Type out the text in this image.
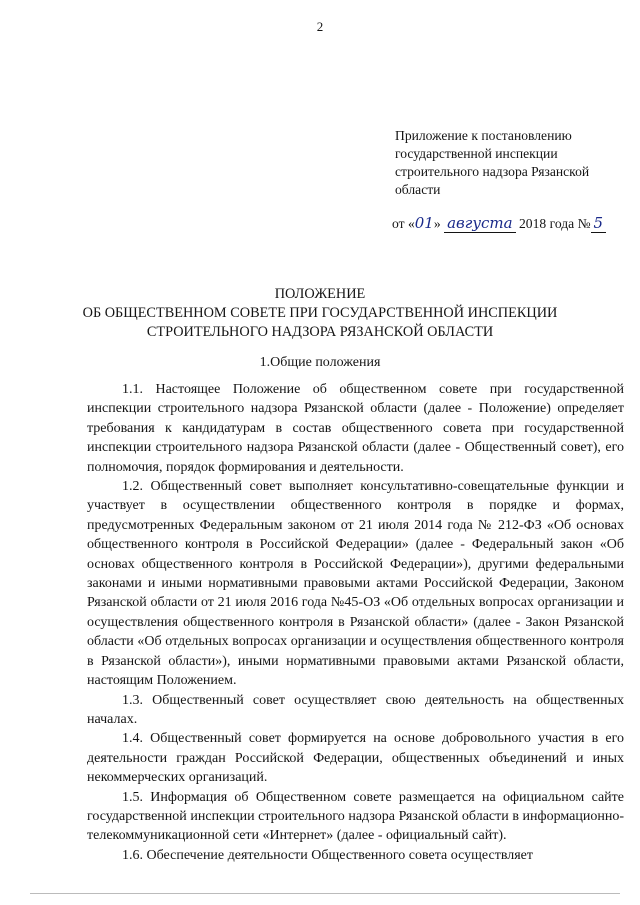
2
Приложение к постановлению
государственной инспекции
строительного надзора Рязанской
области
от «01» августа 2018 года № 5
ПОЛОЖЕНИЕ
ОБ ОБЩЕСТВЕННОМ СОВЕТЕ ПРИ ГОСУДАРСТВЕННОЙ ИНСПЕКЦИИ
СТРОИТЕЛЬНОГО НАДЗОРА РЯЗАНСКОЙ ОБЛАСТИ
1.Общие положения

1.1. Настоящее Положение об общественном совете при государственной инспекции строительного надзора Рязанской области (далее - Положение) определяет требования к кандидатурам в состав общественного совета при государственной инспекции строительного надзора Рязанской области (далее - Общественный совет), его полномочия, порядок формирования и деятельности.

1.2. Общественный совет выполняет консультативно-совещательные функции и участвует в осуществлении общественного контроля в порядке и формах, предусмотренных Федеральным законом от 21 июля 2014 года № 212-ФЗ «Об основах общественного контроля в Российской Федерации» (далее - Федеральный закон «Об основах общественного контроля в Российской Федерации»), другими федеральными законами и иными нормативными правовыми актами Российской Федерации, Законом Рязанской области от 21 июля 2016 года №45-ОЗ «Об отдельных вопросах организации и осуществления общественного контроля в Рязанской области» (далее - Закон Рязанской области «Об отдельных вопросах организации и осуществления общественного контроля в Рязанской области»), иными нормативными правовыми актами Рязанской области, настоящим Положением.

1.3. Общественный совет осуществляет свою деятельность на общественных началах.

1.4. Общественный совет формируется на основе добровольного участия в его деятельности граждан Российской Федерации, общественных объединений и иных некоммерческих организаций.

1.5. Информация об Общественном совете размещается на официальном сайте государственной инспекции строительного надзора Рязанской области в информационно-телекоммуникационной сети «Интернет» (далее - официальный сайт).

1.6. Обеспечение деятельности Общественного совета осуществляет
